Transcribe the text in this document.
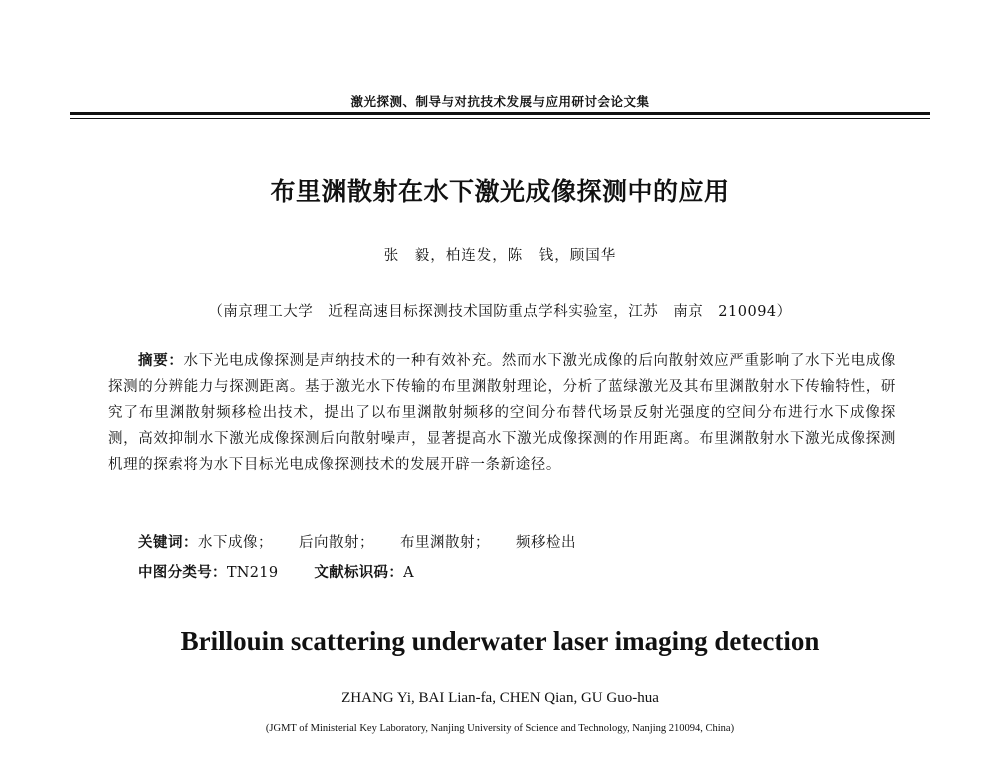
激光探测、制导与对抗技术发展与应用研讨会论文集
布里渊散射在水下激光成像探测中的应用
张　毅，柏连发，陈　钱，顾国华
（南京理工大学　近程高速目标探测技术国防重点学科实验室，江苏　南京　210094）
摘要：水下光电成像探测是声纳技术的一种有效补充。然而水下激光成像的后向散射效应严重影响了水下光电成像探测的分辨能力与探测距离。基于激光水下传输的布里渊散射理论，分析了蓝绿激光及其布里渊散射水下传输特性，研究了布里渊散射频移检出技术，提出了以布里渊散射频移的空间分布替代场景反射光强度的空间分布进行水下成像探测，高效抑制水下激光成像探测后向散射噪声，显著提高水下激光成像探测的作用距离。布里渊散射水下激光成像探测机理的探索将为水下目标光电成像探测技术的发展开辟一条新途径。
关键词：水下成像； 后向散射； 布里渊散射； 频移检出
中图分类号：TN219 文献标识码：A
Brillouin scattering underwater laser imaging detection
ZHANG Yi, BAI Lian-fa, CHEN Qian, GU Guo-hua
(JGMT of Ministerial Key Laboratory, Nanjing University of Science and Technology, Nanjing 210094, China)
